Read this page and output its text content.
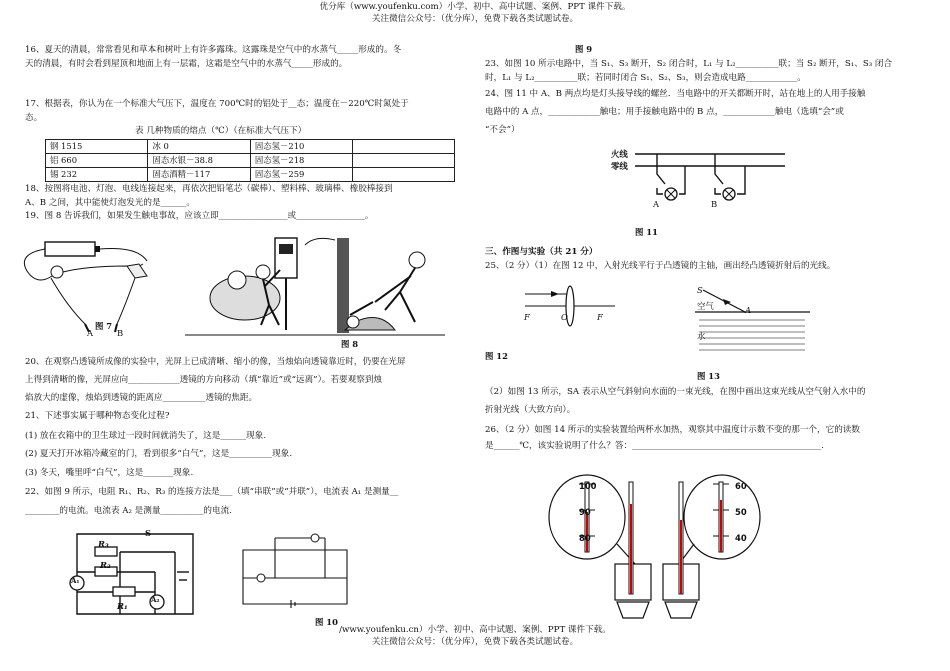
优分库（www.youfenku.com）小学、初中、高中试题、案例、PPT 课件下载。
关注微信公众号：（优分库），免费下载各类试题试卷。

16、夏天的清晨，常常看见和草本和树叶上有许多露珠。这露珠是空气中的水蒸气_____形成的。冬

天的清晨，有时会看到屋顶和地面上有一层霜，这霜是空气中的水蒸气_____形成的。

17、根据表，你认为在一个标准大气压下，温度在 700℃时的铝处于__态；温度在－220℃时氮处于

态。

表 几种物质的熔点（℃）（在标准大气压下）

钢 1515	冰 0	固态氢－210	
铝 660	固态水银－38.8	固态氢－218	
锡 232	固态酒精－117	固态氢－259	

18、按图将电池、灯泡、电线连接起来，再依次把铅笔芯（碳棒）、塑料棒、玻璃棒、橡胶棒接到

A、B 之间，其中能使灯泡发光的是______。

19、图 8 告诉我们，如果发生触电事故，应该立即________________或________________。

A	B
图 7
图 8

20、在观察凸透镜所成像的实验中，光屏上已成清晰、缩小的像，当烛焰向透镜靠近时，仍要在光屏

上得到清晰的像，光屏应向____________透镜的方向移动（填“靠近”或“远离”）。若要观察到烛

焰放大的虚像，烛焰到透镜的距离应__________透镜的焦距。

21、下述事实属于哪种物态变化过程?

(1) 放在衣箱中的卫生球过一段时间就消失了，这是______现象.

(2) 夏天打开冰箱冷藏室的门，看到很多“白气”，这是__________现象.

(3) 冬天，嘴里呼“白气”，这是_______现象.

22、如图 9 所示，电阻 R₁、R₂、R₃ 的连接方法是___（填“串联”或“并联”），电流表 A₁ 是测量__

________的电流。电流表 A₂ 是测量__________的电流.

R₃
S
A₁
R₂
R₁
A₂
图 10
图 9

23、如图 10 所示电路中，当 S₁、S₃ 断开，S₂ 闭合时，L₁ 与 L₂__________联；当 S₂ 断开，S₁、S₃ 闭合

时，L₁ 与 L₂__________联；若同时闭合 S₁、S₂、S₃，则会造成电路____________。

24、图 11 中 A、B 两点均是灯头接导线的螺丝．当电路中的开关都断开时，站在地上的人用手接触

电路中的 A 点，____________触电；用手接触电路中的 B 点，____________触电（选填“会”或

“不会”）

火线
零线
A	B
图 11

三、作图与实验（共 21 分）

25、（2 分）（1）在图 12 中，入射光线平行于凸透镜的主轴，画出经凸透镜折射后的光线。

F	O	F
图 12
S
空气	A
水
图 13

（2）如图 13 所示，SA 表示从空气斜射向水面的一束光线，在图中画出这束光线从空气射入水中的

折射光线（大致方向）。

26、（2 分）如图 14 所示的实验装置给两杯水加热，观察其中温度计示数不变的那一个，它的读数

是______℃，该实验说明了什么？答：____________________________________________.

100
90
80
60
50
40
/www.youfenku.cn）小学、初中、高中试题、案例、PPT 课件下载。
关注微信公众号：（优分库），免费下载各类试题试卷。
